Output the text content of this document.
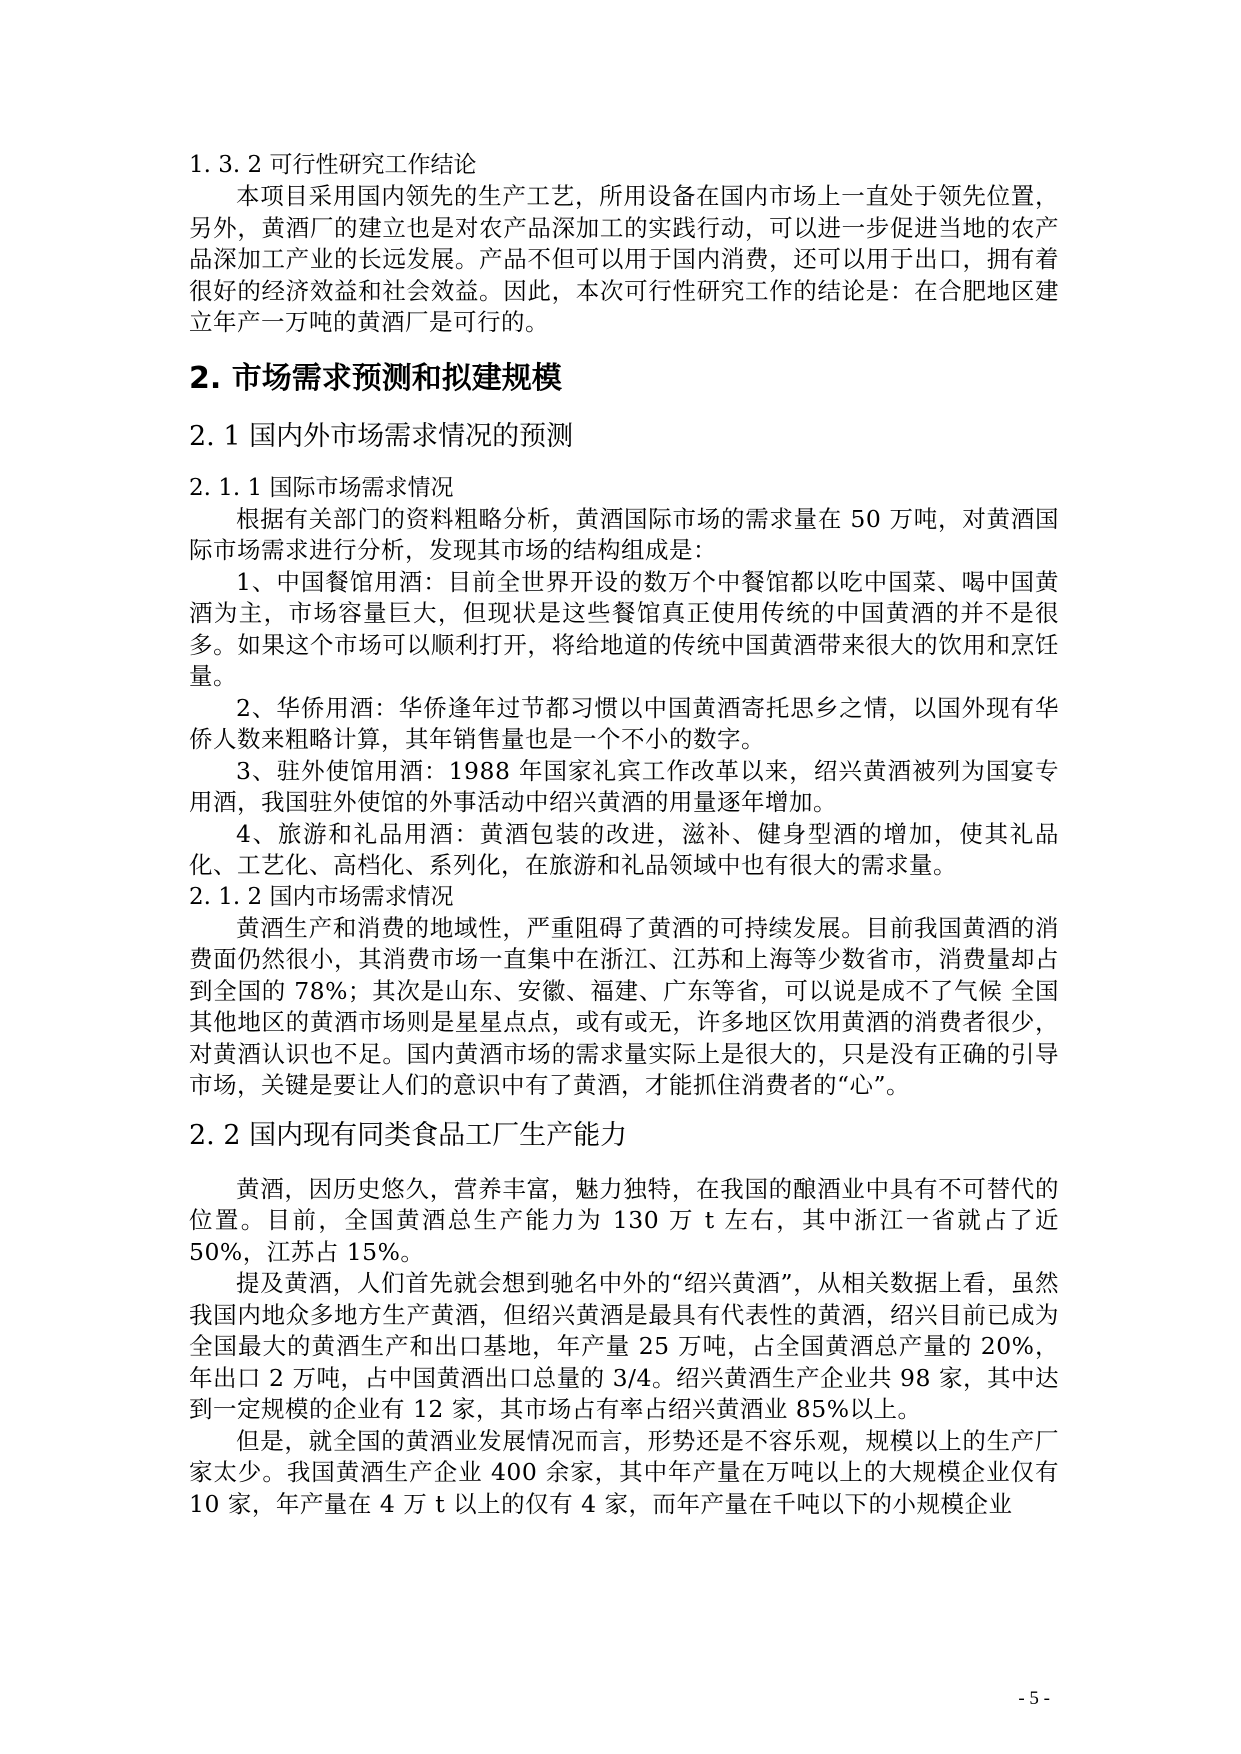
1. 3. 2 可行性研究工作结论

本项目采用国内领先的生产工艺，所用设备在国内市场上一直处于领先位置，另外，黄酒厂的建立也是对农产品深加工的实践行动，可以进一步促进当地的农产品深加工产业的长远发展。产品不但可以用于国内消费，还可以用于出口，拥有着很好的经济效益和社会效益。因此，本次可行性研究工作的结论是：在合肥地区建立年产一万吨的黄酒厂是可行的。

2. 市场需求预测和拟建规模

2. 1 国内外市场需求情况的预测

2. 1. 1 国际市场需求情况

根据有关部门的资料粗略分析，黄酒国际市场的需求量在 50 万吨，对黄酒国际市场需求进行分析，发现其市场的结构组成是：

1、中国餐馆用酒：目前全世界开设的数万个中餐馆都以吃中国菜、喝中国黄酒为主，市场容量巨大，但现状是这些餐馆真正使用传统的中国黄酒的并不是很多。如果这个市场可以顺利打开，将给地道的传统中国黄酒带来很大的饮用和烹饪量。

2、华侨用酒：华侨逢年过节都习惯以中国黄酒寄托思乡之情，以国外现有华侨人数来粗略计算，其年销售量也是一个不小的数字。

3、驻外使馆用酒：1988 年国家礼宾工作改革以来，绍兴黄酒被列为国宴专用酒，我国驻外使馆的外事活动中绍兴黄酒的用量逐年增加。

4、旅游和礼品用酒：黄酒包装的改进，滋补、健身型酒的增加，使其礼品化、工艺化、高档化、系列化，在旅游和礼品领域中也有很大的需求量。

2. 1. 2 国内市场需求情况

黄酒生产和消费的地域性，严重阻碍了黄酒的可持续发展。目前我国黄酒的消费面仍然很小，其消费市场一直集中在浙江、江苏和上海等少数省市，消费量却占到全国的 78%；其次是山东、安徽、福建、广东等省，可以说是成不了气候 全国其他地区的黄酒市场则是星星点点，或有或无，许多地区饮用黄酒的消费者很少，对黄酒认识也不足。国内黄酒市场的需求量实际上是很大的，只是没有正确的引导市场，关键是要让人们的意识中有了黄酒，才能抓住消费者的“心”。

2. 2 国内现有同类食品工厂生产能力

黄酒，因历史悠久，营养丰富，魅力独特，在我国的酿酒业中具有不可替代的位置。目前，全国黄酒总生产能力为 130 万 t 左右，其中浙江一省就占了近 50%，江苏占 15%。

提及黄酒，人们首先就会想到驰名中外的“绍兴黄酒”，从相关数据上看，虽然我国内地众多地方生产黄酒，但绍兴黄酒是最具有代表性的黄酒，绍兴目前已成为全国最大的黄酒生产和出口基地，年产量 25 万吨，占全国黄酒总产量的 20%，年出口 2 万吨，占中国黄酒出口总量的 3/4。绍兴黄酒生产企业共 98 家，其中达到一定规模的企业有 12 家，其市场占有率占绍兴黄酒业 85%以上。

但是，就全国的黄酒业发展情况而言，形势还是不容乐观，规模以上的生产厂家太少。我国黄酒生产企业 400 余家，其中年产量在万吨以上的大规模企业仅有 10 家，年产量在 4 万 t 以上的仅有 4 家，而年产量在千吨以下的小规模企业

- 5 -
